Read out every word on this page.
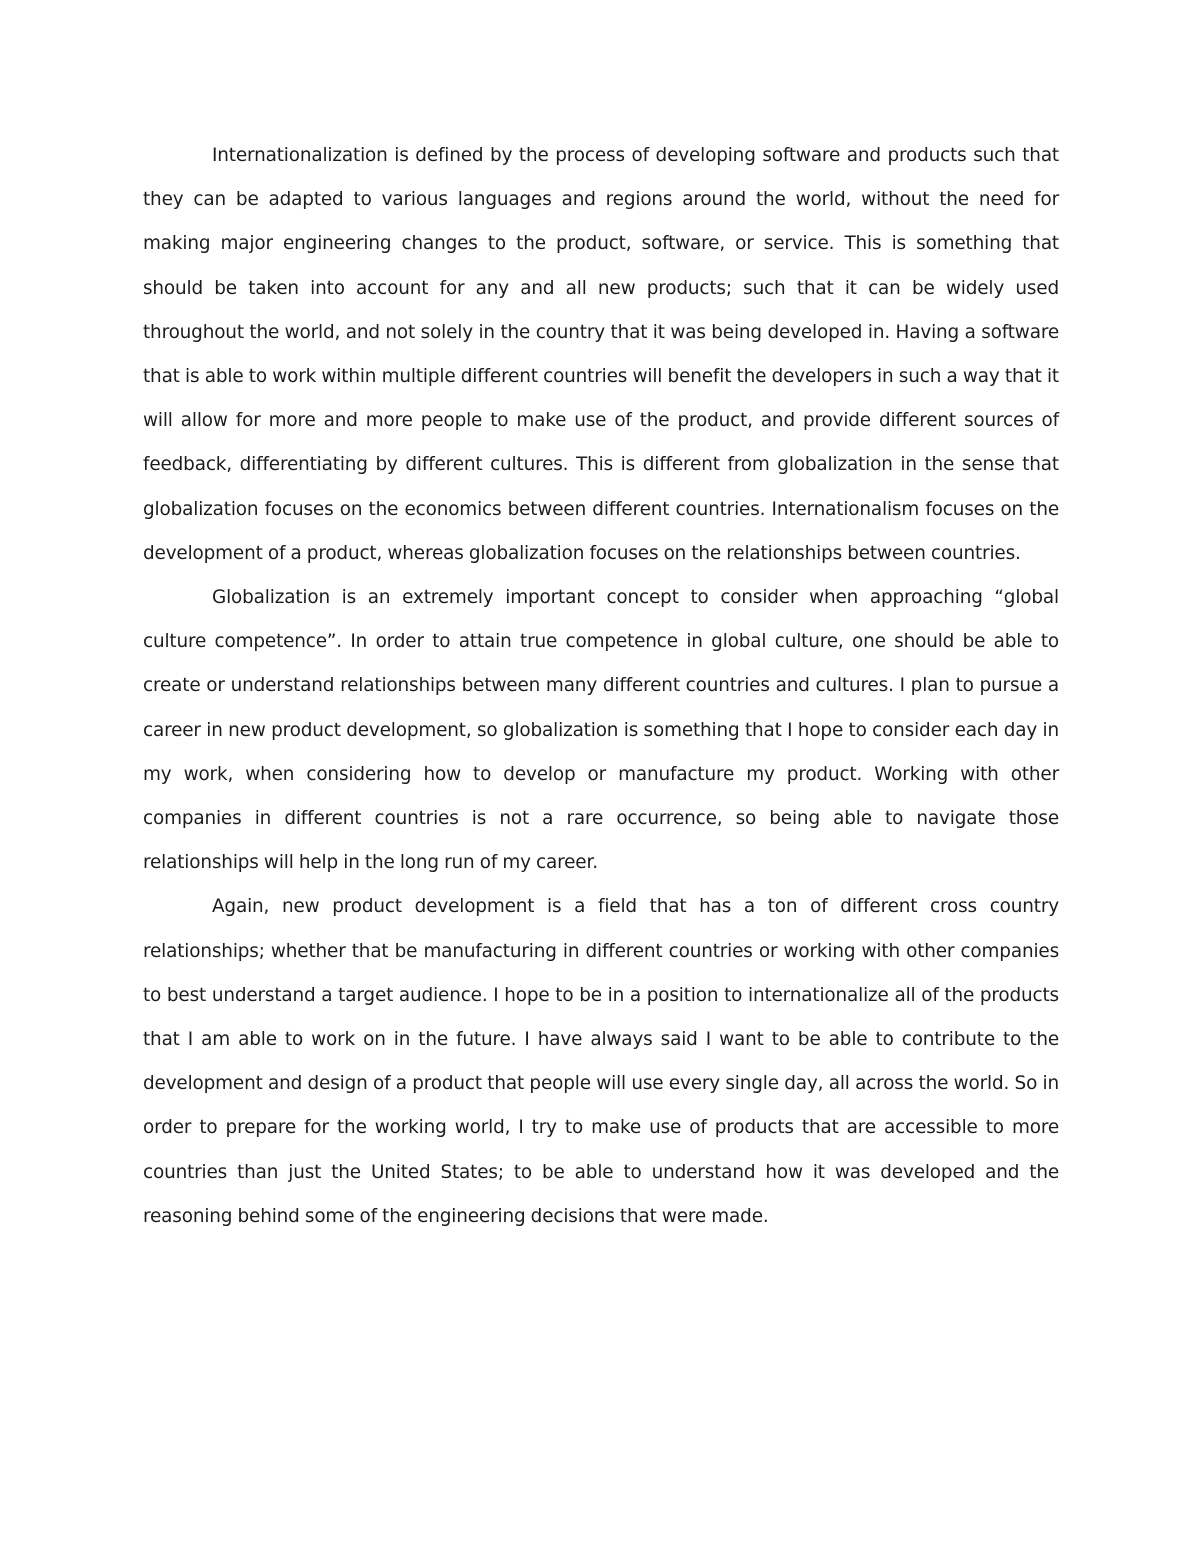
Internationalization is defined by the process of developing software and products such that they can be adapted to various languages and regions around the world, without the need for making major engineering changes to the product, software, or service. This is something that should be taken into account for any and all new products; such that it can be widely used throughout the world, and not solely in the country that it was being developed in. Having a software that is able to work within multiple different countries will benefit the developers in such a way that it will allow for more and more people to make use of the product, and provide different sources of feedback, differentiating by different cultures. This is different from globalization in the sense that globalization focuses on the economics between different countries. Internationalism focuses on the development of a product, whereas globalization focuses on the relationships between countries.

Globalization is an extremely important concept to consider when approaching “global culture competence”. In order to attain true competence in global culture, one should be able to create or understand relationships between many different countries and cultures. I plan to pursue a career in new product development, so globalization is something that I hope to consider each day in my work, when considering how to develop or manufacture my product. Working with other companies in different countries is not a rare occurrence, so being able to navigate those relationships will help in the long run of my career.

Again, new product development is a field that has a ton of different cross country relationships; whether that be manufacturing in different countries or working with other companies to best understand a target audience. I hope to be in a position to internationalize all of the products that I am able to work on in the future. I have always said I want to be able to contribute to the development and design of a product that people will use every single day, all across the world. So in order to prepare for the working world, I try to make use of products that are accessible to more countries than just the United States; to be able to understand how it was developed and the reasoning behind some of the engineering decisions that were made.
